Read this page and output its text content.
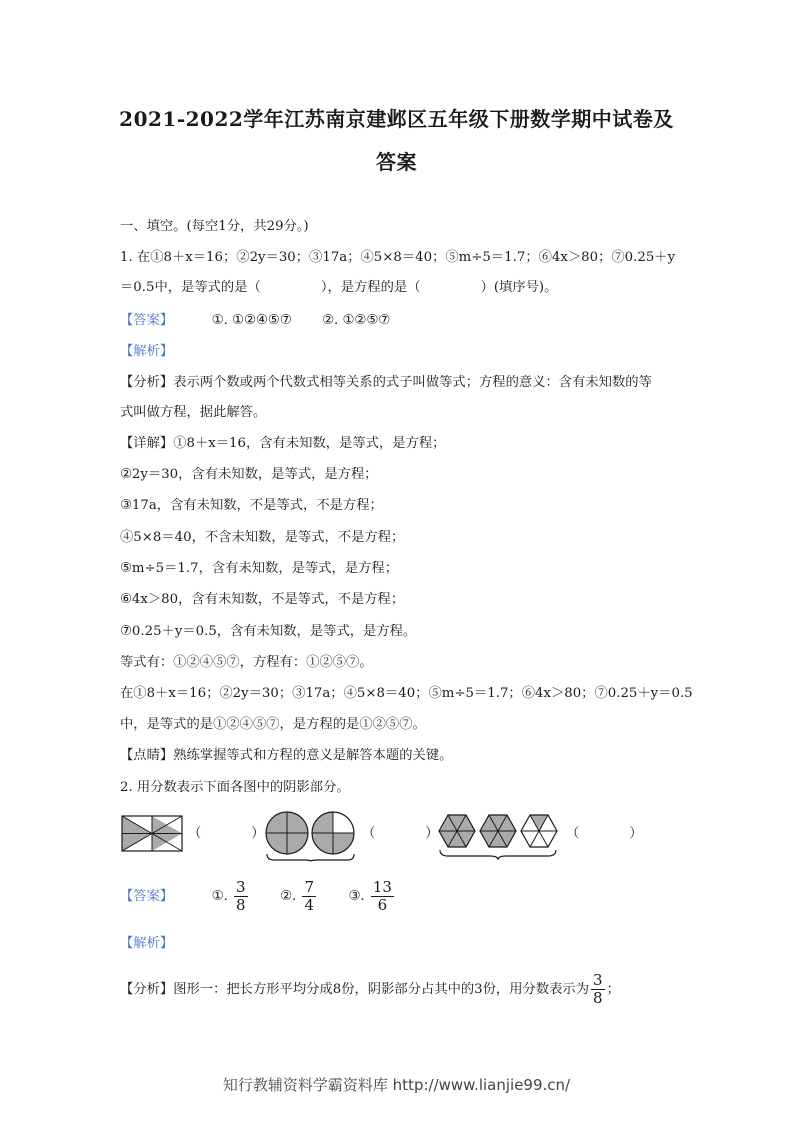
2021-2022学年江苏南京建邺区五年级下册数学期中试卷及
答案
一、填空。(每空1分，共29分。)
1. 在①8＋x＝16；②2y＝30；③17a；④5×8＝40；⑤m÷5＝1.7；⑥4x＞80；⑦0.25＋y
＝0.5中，是等式的是（	），是方程的是（	）(填序号)。
【答案】	①. ①②④⑤⑦ ②. ①②⑤⑦
【解析】
【分析】表示两个数或两个代数式相等关系的式子叫做等式；方程的意义：含有未知数的等
式叫做方程，据此解答。
【详解】①8＋x＝16，含有未知数，是等式，是方程；
②2y＝30，含有未知数，是等式，是方程；
③17a，含有未知数，不是等式，不是方程；
④5×8＝40，不含未知数，是等式，不是方程；
⑤m÷5＝1.7，含有未知数，是等式，是方程；
⑥4x＞80，含有未知数，不是等式，不是方程；
⑦0.25＋y＝0.5，含有未知数，是等式，是方程。
等式有：①②④⑤⑦，方程有：①②⑤⑦。
在①8＋x＝16；②2y＝30；③17a；④5×8＝40；⑤m÷5＝1.7；⑥4x＞80；⑦0.25＋y＝0.5
中，是等式的是①②④⑤⑦，是方程的是①②⑤⑦。
【点睛】熟练掌握等式和方程的意义是解答本题的关键。
2. 用分数表示下面各图中的阴影部分。
（	）	（	）	（	）
【答案】	①. $\frac{3}{8}$ ②. $\frac{7}{4}$ ③. $\frac{13}{6}$
【解析】
【分析】图形一：把长方形平均分成8份，阴影部分占其中的3份，用分数表示为 $\frac{3}{8}$ ；
知行教辅资料学霸资料库 http://www.lianjie99.cn/
